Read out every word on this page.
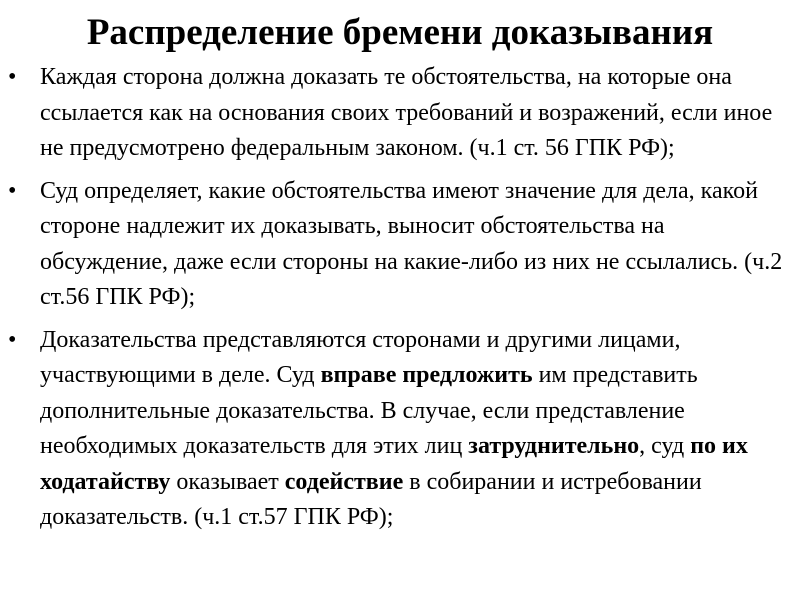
Распределение бремени доказывания
• Каждая сторона должна доказать те обстоятельства, на которые она ссылается как на основания своих требований и возражений, если иное не предусмотрено федеральным законом. (ч.1 ст. 56 ГПК РФ);
• Суд определяет, какие обстоятельства имеют значение для дела, какой стороне надлежит их доказывать, выносит обстоятельства на обсуждение, даже если стороны на какие-либо из них не ссылались. (ч.2 ст.56 ГПК РФ);
• Доказательства представляются сторонами и другими лицами, участвующими в деле. Суд вправе предложить им представить дополнительные доказательства. В случае, если представление необходимых доказательств для этих лиц затруднительно, суд по их ходатайству оказывает содействие в собирании и истребовании доказательств. (ч.1 ст.57 ГПК РФ);
